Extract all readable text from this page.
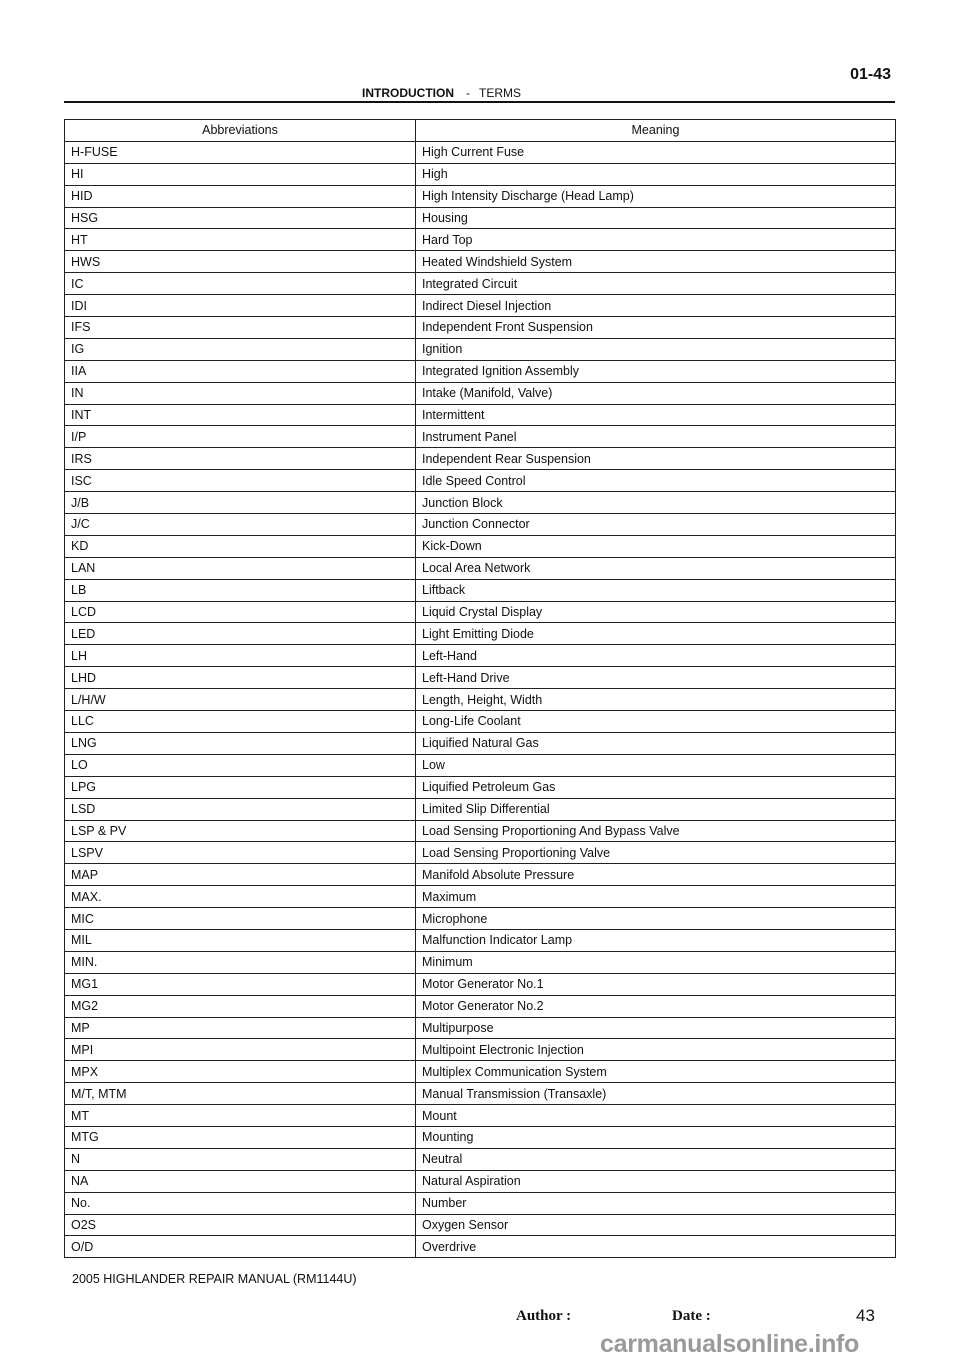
INTRODUCTION - TERMS
01-43
Abbreviations	Meaning
H-FUSE	High Current Fuse
HI	High
HID	High Intensity Discharge (Head Lamp)
HSG	Housing
HT	Hard Top
HWS	Heated Windshield System
IC	Integrated Circuit
IDI	Indirect Diesel Injection
IFS	Independent Front Suspension
IG	Ignition
IIA	Integrated Ignition Assembly
IN	Intake (Manifold, Valve)
INT	Intermittent
I/P	Instrument Panel
IRS	Independent Rear Suspension
ISC	Idle Speed Control
J/B	Junction Block
J/C	Junction Connector
KD	Kick-Down
LAN	Local Area Network
LB	Liftback
LCD	Liquid Crystal Display
LED	Light Emitting Diode
LH	Left-Hand
LHD	Left-Hand Drive
L/H/W	Length, Height, Width
LLC	Long-Life Coolant
LNG	Liquified Natural Gas
LO	Low
LPG	Liquified Petroleum Gas
LSD	Limited Slip Differential
LSP & PV	Load Sensing Proportioning And Bypass Valve
LSPV	Load Sensing Proportioning Valve
MAP	Manifold Absolute Pressure
MAX.	Maximum
MIC	Microphone
MIL	Malfunction Indicator Lamp
MIN.	Minimum
MG1	Motor Generator No.1
MG2	Motor Generator No.2
MP	Multipurpose
MPI	Multipoint Electronic Injection
MPX	Multiplex Communication System
M/T, MTM	Manual Transmission (Transaxle)
MT	Mount
MTG	Mounting
N	Neutral
NA	Natural Aspiration
No.	Number
O2S	Oxygen Sensor
O/D	Overdrive
2005 HIGHLANDER REPAIR MANUAL (RM1144U)
Author :	Date :	43
carmanualsonline.info
